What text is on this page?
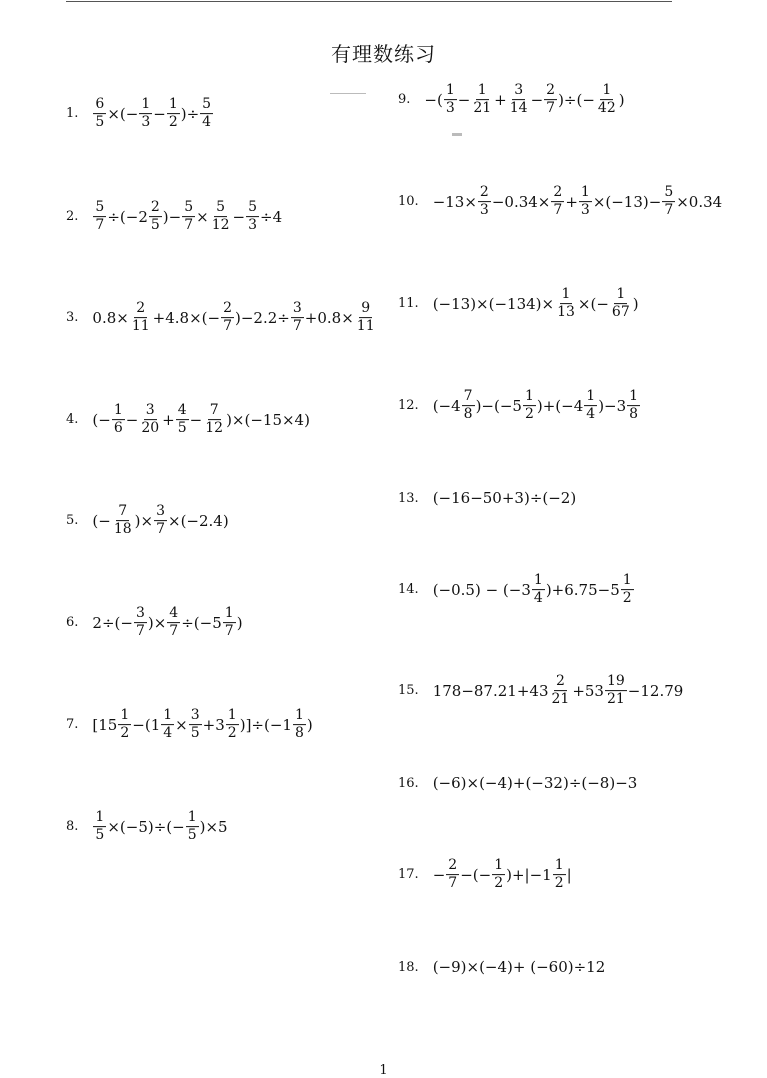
有理数练习
1. $\frac{6}{5}$ ×(− $\frac{1}{3} - \frac{1}{2}$ )÷ $\frac{5}{4}$
2. $\frac{5}{7} \div(-2 \frac{2}{5}$ )− $\frac{5}{7} \times \frac{5}{12} - \frac{5}{3} \div 4$
3. $0.8\times \frac{2}{11} +4.8\times(- \frac{2}{7} )-2.2\div \frac{3}{7} +0.8\times \frac{9}{11}$
4. (− $\frac{1}{6} - \frac{3}{20} + \frac{4}{5} - \frac{7}{12} )\times(-15\times 4)$
5. (− $\frac{7}{18}$ )× $\frac{3}{7} \times(-2.4)$
6. $2\div(- \frac{3}{7}$ )× $\frac{4}{7} \div(-5 \frac{1}{7}$ )
7. $[15 \frac{1}{2} -(1 \frac{1}{4} \times \frac{3}{5} +3 \frac{1}{2} )]\div(-1 \frac{1}{8}$ )
8. $\frac{1}{5} \times(-5)\div(- \frac{1}{5} )\times 5$
9. −( $\frac{1}{3} - \frac{1}{21} + \frac{3}{14} - \frac{2}{7}$ )÷(− $\frac{1}{42}$ )
10. $-13\times \frac{2}{3} -0.34\times \frac{2}{7} + \frac{1}{3} \times(-13)- \frac{5}{7} \times 0.34$
11. $(-13)\times(-134)\times \frac{1}{13}$ ×(− $\frac{1}{67}$ )
12. $(-4 \frac{7}{8} )-(-5 \frac{1}{2} )+(-4 \frac{1}{4} )-3 \frac{1}{8}$
13. (−16−50+3)÷(−2)
14. $(-0.5) - (-3 \frac{1}{4} )+6.75-5 \frac{1}{2}$
15. $178-87.21+43 \frac{2}{21} +53 \frac{19}{21} -12.79$
16. (−6)×(−4)+(−32)÷(−8)−3
17. − $\frac{2}{7}$ −(− $\frac{1}{2} )+|-1 \frac{1}{2}$ |
18. (−9)×(−4)+ (−60)÷12
1
